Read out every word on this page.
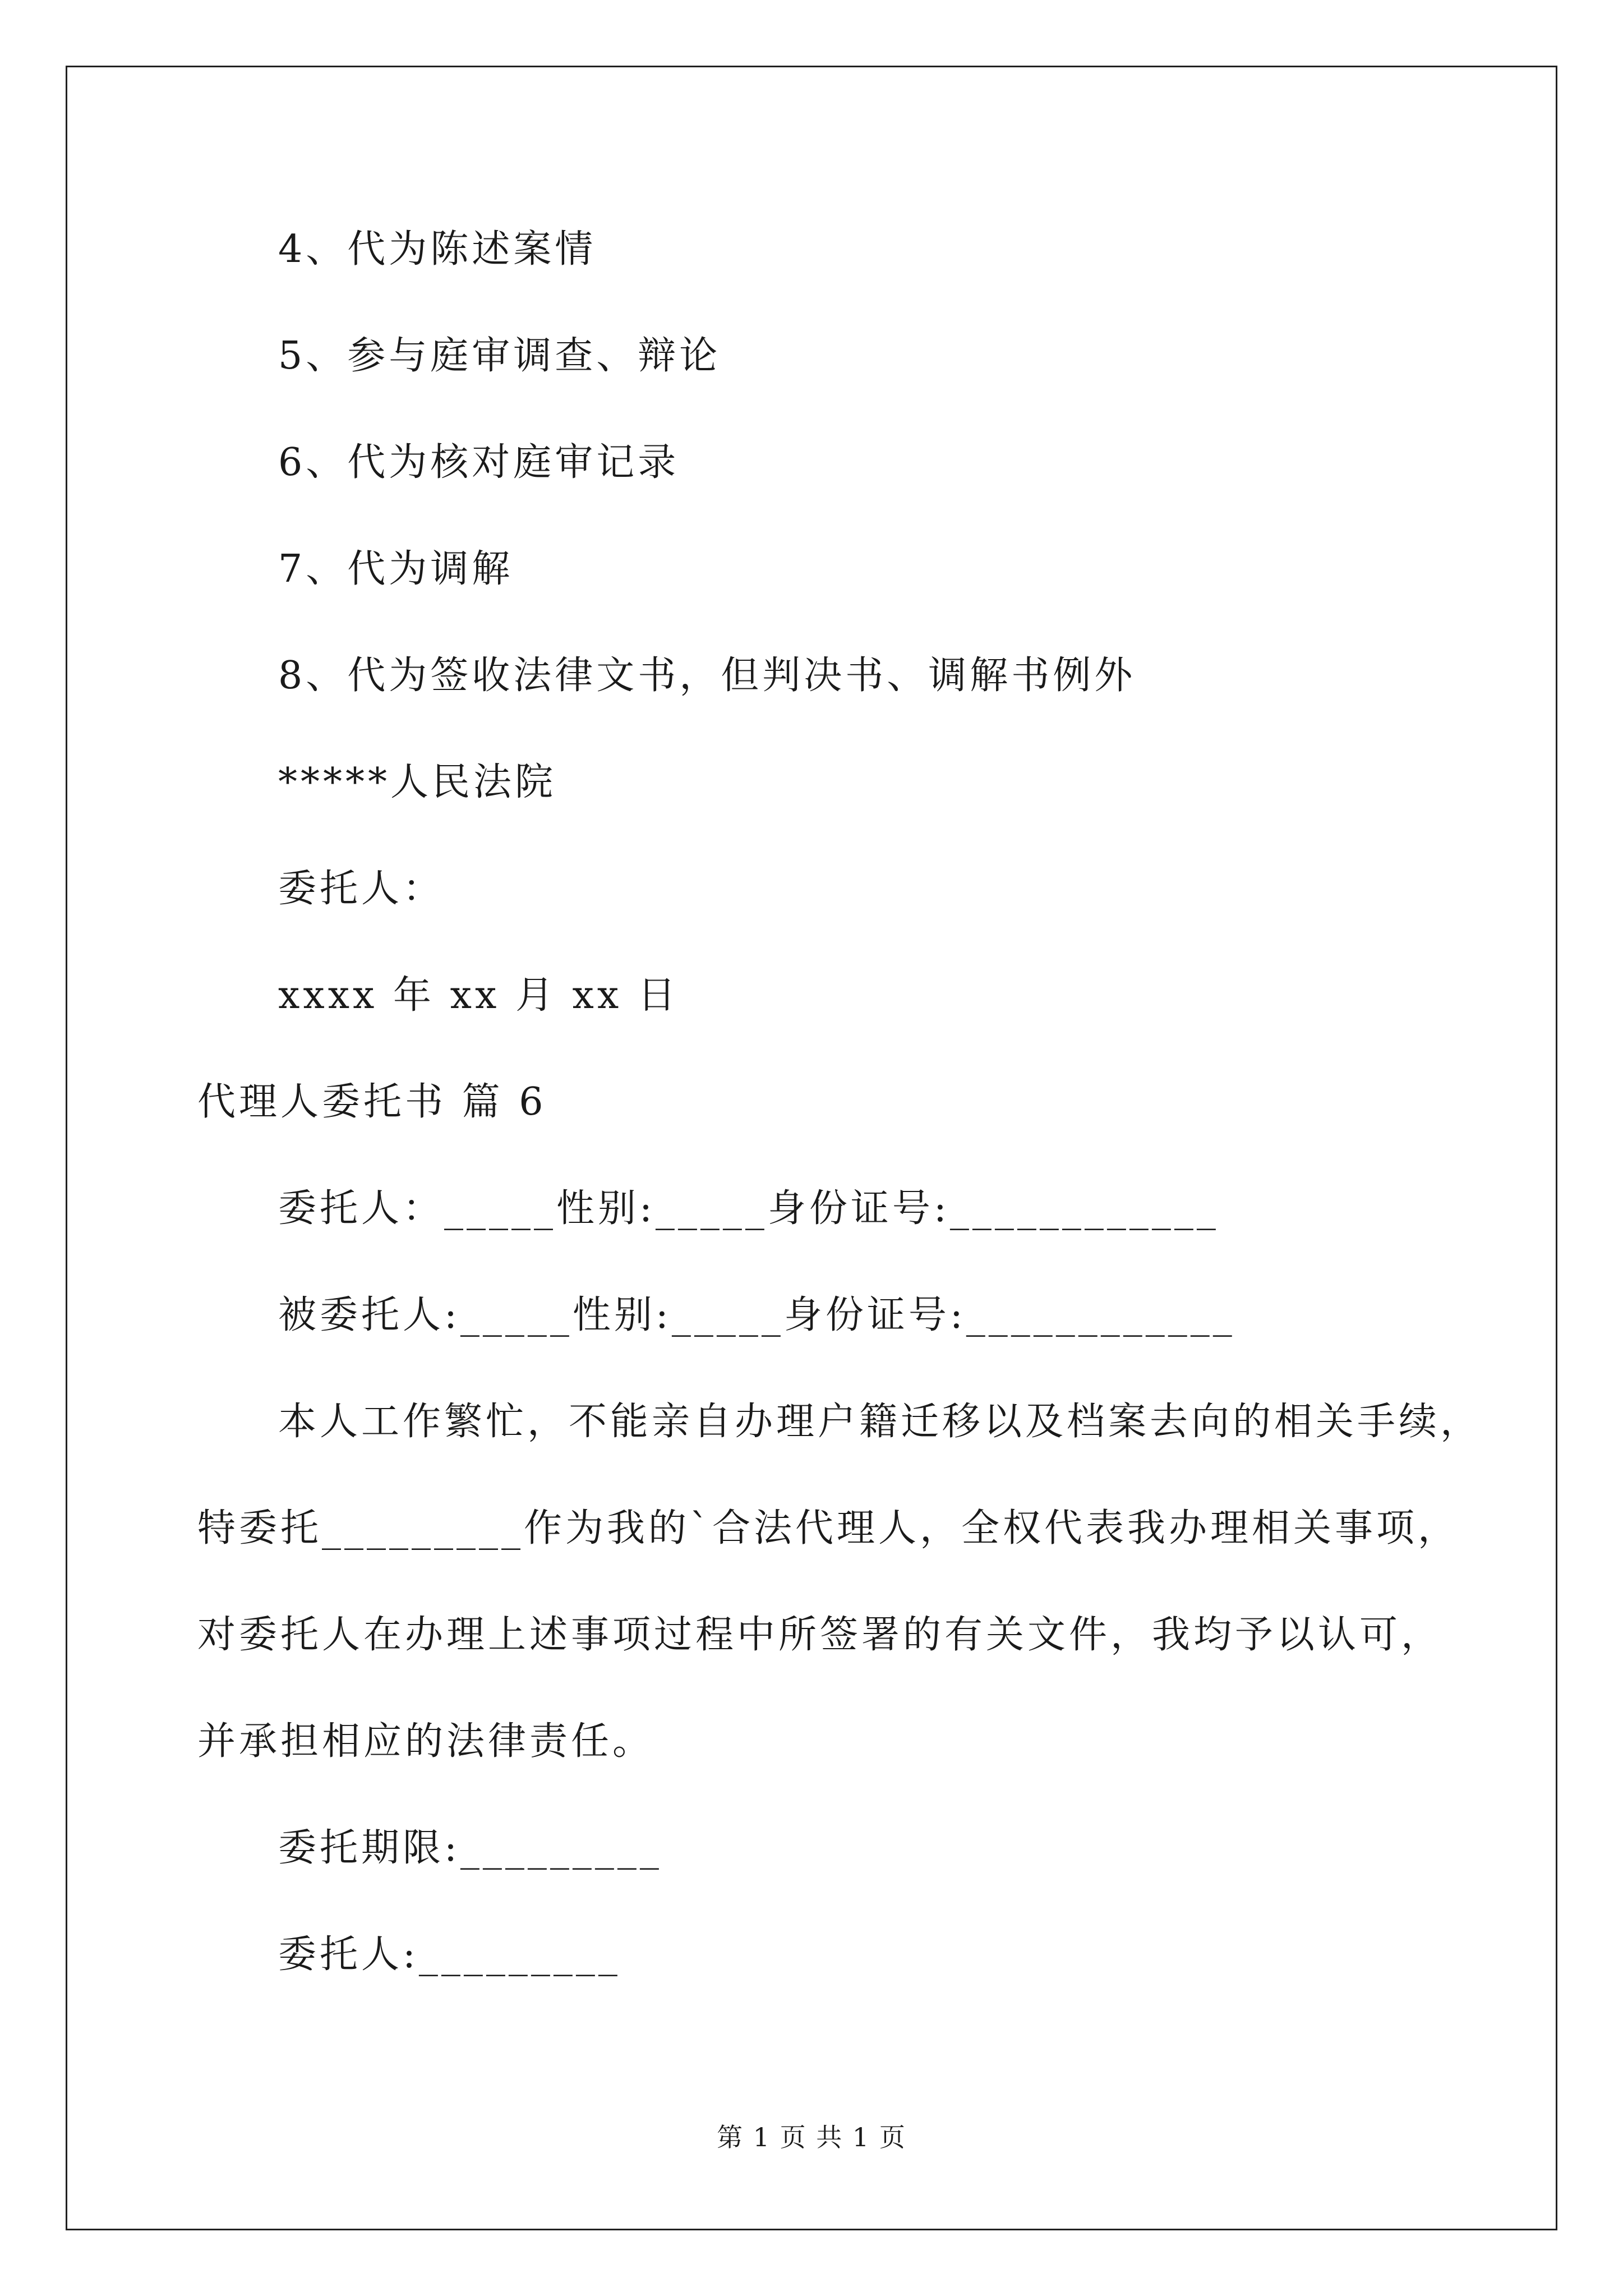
4、代为陈述案情
5、参与庭审调查、辩论
6、代为核对庭审记录
7、代为调解
8、代为签收法律文书，但判决书、调解书例外
*****人民法院
委托人：
xxxx 年 xx 月 xx 日
代理人委托书 篇 6
委托人：_____性别:_____身份证号:____________
被委托人:_____性别:_____身份证号:____________
本人工作繁忙，不能亲自办理户籍迁移以及档案去向的相关手续，
特委托_________作为我的`合法代理人，全权代表我办理相关事项，
对委托人在办理上述事项过程中所签署的有关文件，我均予以认可，
并承担相应的法律责任。
委托期限:_________
委托人:_________
第 1 页 共 1 页
